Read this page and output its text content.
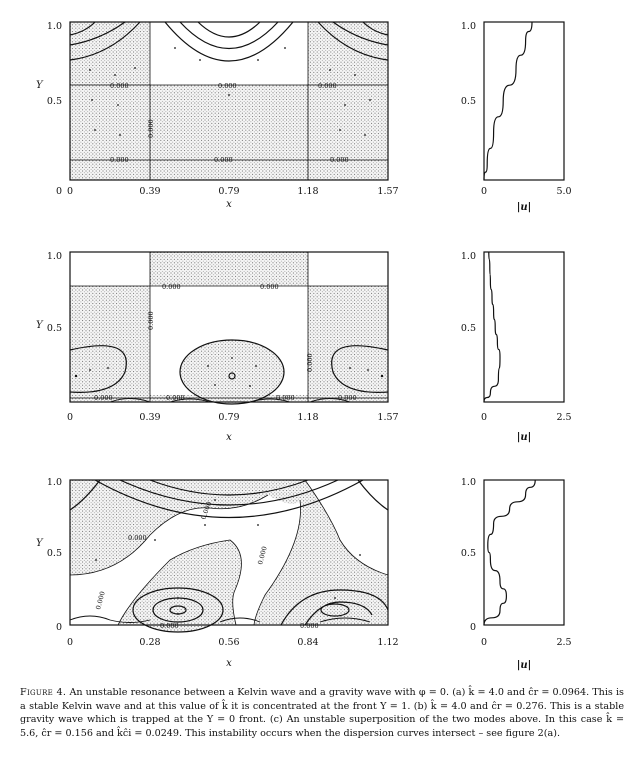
0.000	0.000	0.000
0.000	0.000	0.000
0.000
0	0.39	0.79	1.18	1.57
1.0
0.5
0
x
Y
0	5.0
1.0
0.5
|u|
0.000	0.000
0.000
0.000
0.000	0.000	0.000	0.000
0	0.39	0.79	1.18	1.57
1.0
0.5
x
Y
0	2.5
1.0
0.5
|u|
0.000
0.000
0.000
0.000
0.000	0.000
0	0.28	0.56	0.84	1.12
1.0
0.5
0
x
Y
0	2.5
1.0
0.5
0
|u|
Figure 4. An unstable resonance between a Kelvin wave and a gravity wave with φ = 0. (a) k̂ = 4.0 and ĉr = 0.0964. This is a stable Kelvin wave and at this value of k̂ it is concentrated at the front Y = 1. (b) k̂ = 4.0 and ĉr = 0.276. This is a stable gravity wave which is trapped at the Y = 0 front. (c) An unstable superposition of the two modes above. In this case k̂ = 5.6, ĉr = 0.156 and k̂ĉi = 0.0249. This instability occurs when the dispersion curves intersect – see figure 2(a).
